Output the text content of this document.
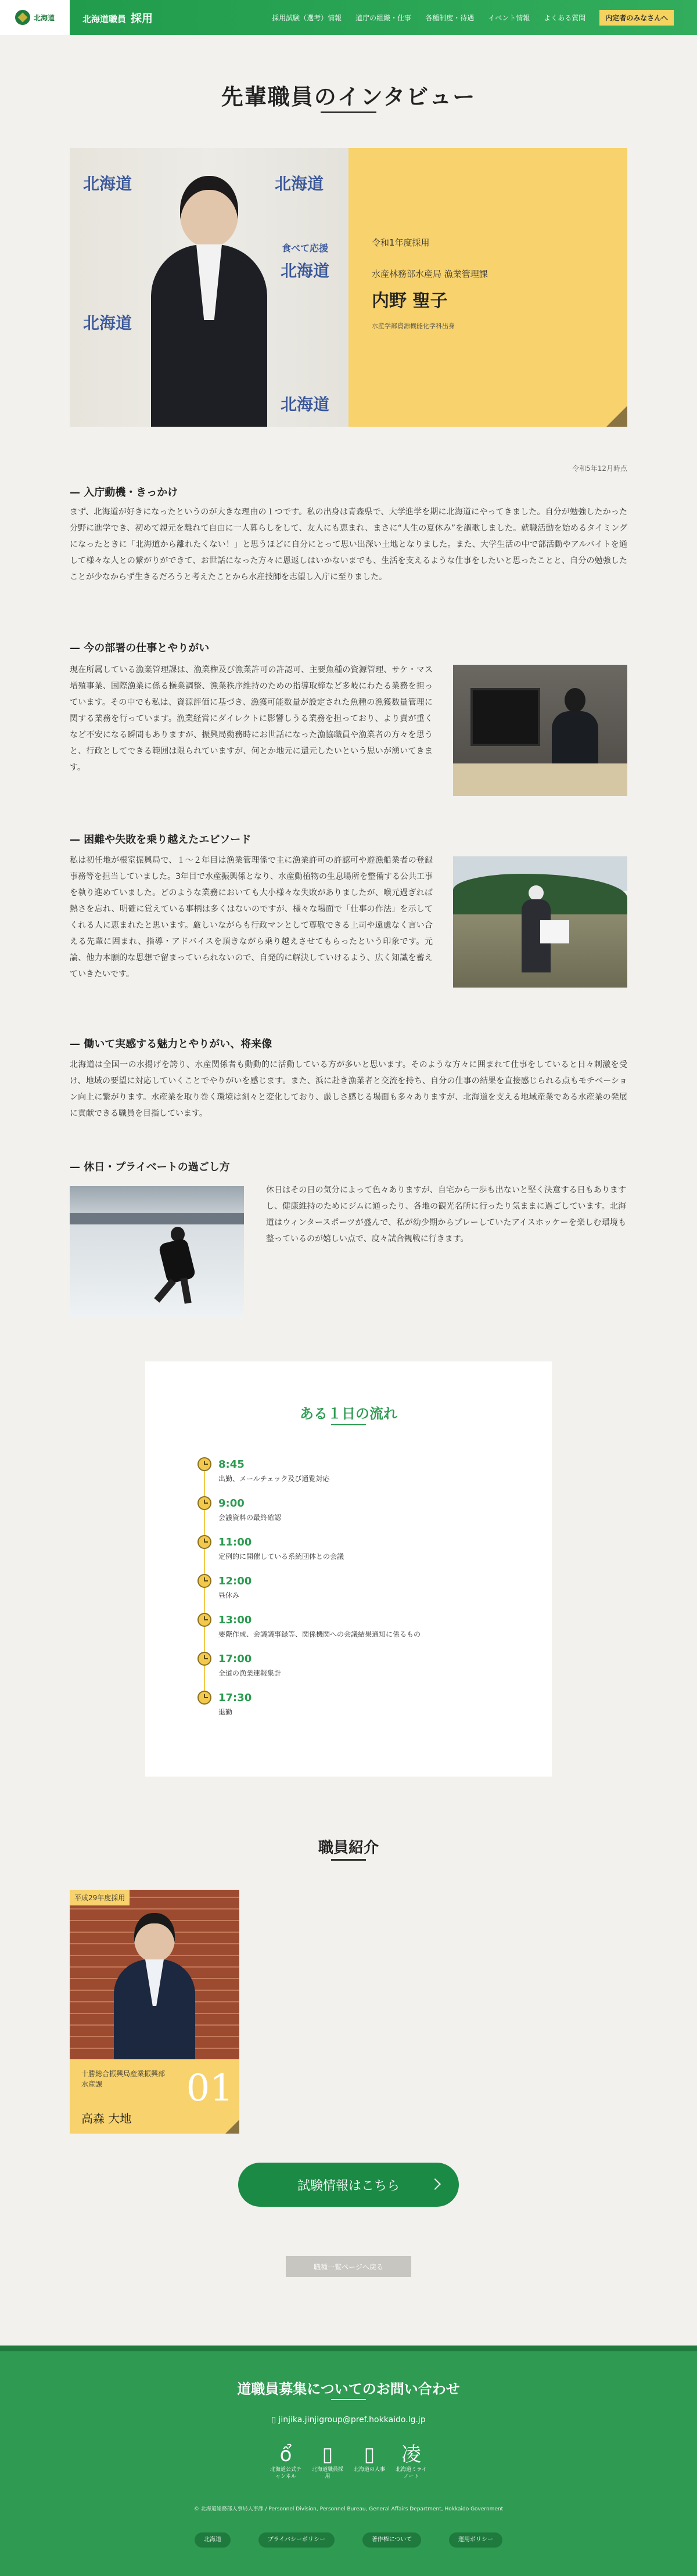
北海道	北海道職員 採用	採用試験（選考）情報 道庁の組織・仕事 各種制度・待遇 イベント情報 よくある質問	内定者のみなさんへ
先輩職員のインタビュー
北海道	北海道
食べて応援
北海道
北海道
北海道
令和1年度採用
水産林務部水産局 漁業管理課
内野 聖子
水産学部資源機能化学科出身
令和5年12月時点
— 入庁動機・きっかけ

まず、北海道が好きになったというのが大きな理由の１つです。私の出身は青森県で、大学進学を期に北海道にやってきました。自分が勉強したかった分野に進学でき、初めて親元を離れて自由に一人暮らしをして、友人にも恵まれ、まさに“人生の夏休み”を謳歌しました。就職活動を始めるタイミングになったときに「北海道から離れたくない！」と思うほどに自分にとって思い出深い土地となりました。また、大学生活の中で部活動やアルバイトを通して様々な人との繋がりができて、お世話になった方々に恩返しはいかないまでも、生活を支えるような仕事をしたいと思ったことと、自分の勉強したことが少なからず生きるだろうと考えたことから水産技師を志望し入庁に至りました。

— 今の部署の仕事とやりがい

現在所属している漁業管理課は、漁業権及び漁業許可の許認可、主要魚種の資源管理、サケ・マス増殖事業、国際漁業に係る操業調整、漁業秩序維持のための指導取締など多岐にわたる業務を担っています。その中でも私は、資源評価に基づき、漁獲可能数量が設定された魚種の漁獲数量管理に関する業務を行っています。漁業経営にダイレクトに影響しうる業務を担っており、より責が重くなど不安になる瞬間もありますが、振興局勤務時にお世話になった漁協職員や漁業者の方々を思うと、行政としてできる範囲は限られていますが、何とか地元に還元したいという思いが湧いてきます。

— 困難や失敗を乗り越えたエピソード

私は初任地が根室振興局で、１～２年目は漁業管理係で主に漁業許可の許認可や遊漁船業者の登録事務等を担当していました。3年目で水産振興係となり、水産動植物の生息場所を整備する公共工事を執り進めていました。どのような業務においても大小様々な失敗がありましたが、喉元過ぎれば熱さを忘れ、明確に覚えている事柄は多くはないのですが、様々な場面で「仕事の作法」を示してくれる人に恵まれたと思います。厳しいながらも行政マンとして尊敬できる上司や遠慮なく言い合える先輩に囲まれ、指導・アドバイスを頂きながら乗り越えさせてもらったという印象です。元論、他力本願的な思想で留まっていられないので、自発的に解決していけるよう、広く知識を蓄えていきたいです。

— 働いて実感する魅力とやりがい、将来像

北海道は全国一の水揚げを誇り、水産関係者も動動的に活動している方が多いと思います。そのような方々に囲まれて仕事をしていると日々刺激を受け、地域の要望に対応していくことでやりがいを感じます。また、浜に赴き漁業者と交流を持ち、自分の仕事の結果を直接感じられる点もモチベーション向上に繋がります。水産業を取り巻く環境は刻々と変化しており、厳しさ感じる場面も多々ありますが、北海道を支える地域産業である水産業の発展に貢献できる職員を目指しています。

— 休日・プライベートの過ごし方

休日はその日の気分によって色々ありますが、自宅から一歩も出ないと堅く決意する日もありますし、健康維持のためにジムに通ったり、各地の観光名所に行ったり気ままに過ごしています。北海道はウィンタースポーツが盛んで、私が幼少期からプレーしていたアイスホッケーを楽しむ環境も整っているのが嬉しい点で、度々試合観戦に行きます。

ある１日の流れ
8:45
出勤、メールチェック及び通覧対応
9:00
会議資料の最終確認
11:00
定例的に開催している系統団体との会議
12:00
昼休み
13:00
要際作成、会議議事録等、関係機関への会議結果通知に係るもの
17:00
全道の漁業連報集計
17:30
退勤
職員紹介
平成29年度採用
十勝総合振興局産業振興部
水産課
高森 大地
01
試験情報はこちら
職種一覧ページへ戻る
道職員募集についてのお問い合わせ
▯ jinjika.jinjigroup@pref.hokkaido.lg.jp
ổ
北海道公式チャンネル
▯
北海道職員採用
▯
北海道の人事
凌
北海道ミライノート
© 北海道総務部人事局人事課 / Personnel Division, Personnel Bureau, General Affairs Department, Hokkaido Government
北海道	プライバシーポリシー	著作権について	運用ポリシー
